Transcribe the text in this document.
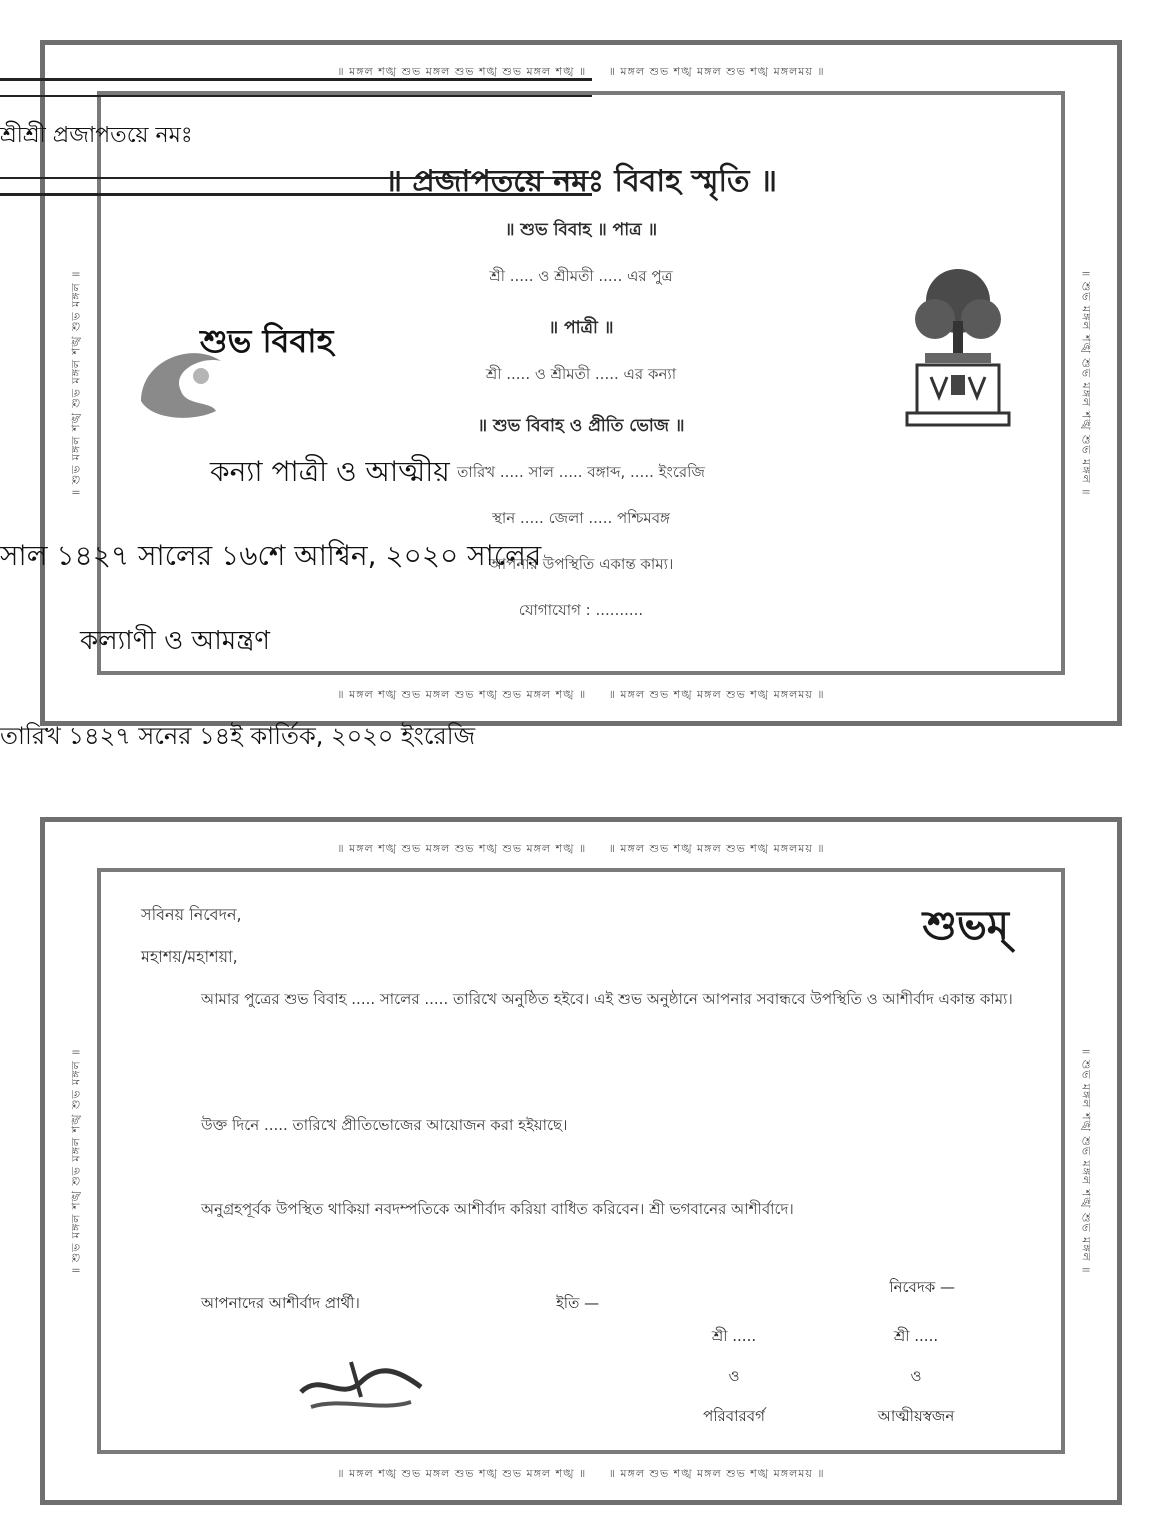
॥ মঙ্গল শঙ্খ শুভ মঙ্গল শুভ শঙ্খ শুভ মঙ্গল শঙ্খ ॥ ॥ মঙ্গল শুভ শঙ্খ মঙ্গল শুভ শঙ্খ মঙ্গলময় ॥
॥ মঙ্গল শঙ্খ শুভ মঙ্গল শুভ শঙ্খ শুভ মঙ্গল শঙ্খ ॥ ॥ মঙ্গল শুভ শঙ্খ মঙ্গল শুভ শঙ্খ মঙ্গলময় ॥
॥ শুভ মঙ্গল শঙ্খ শুভ মঙ্গল শঙ্খ শুভ মঙ্গল ॥	॥ শুভ মঙ্গল শঙ্খ শুভ মঙ্গল শঙ্খ শুভ মঙ্গল ॥
॥ প্রজাপতয়ে নমঃ বিবাহ স্মৃতি ॥
॥ শুভ বিবাহ ॥ পাত্র ॥
শ্রী ..... ও শ্রীমতী ..... এর পুত্র
॥ পাত্রী ॥
শ্রী ..... ও শ্রীমতী ..... এর কন্যা
॥ শুভ বিবাহ ও প্রীতি ভোজ ॥
তারিখ ..... সাল ..... বঙ্গাব্দ, ..... ইংরেজি
স্থান ..... জেলা ..... পশ্চিমবঙ্গ
আপনার উপস্থিতি একান্ত কাম্য।
যোগাযোগ : ..........
শ্রীশ্রী প্রজাপতয়ে নমঃ
শুভ বিবাহ
কন্যা পাত্রী ও আত্মীয়
সাল ১৪২৭ সালের ১৬শে আশ্বিন, ২০২০ সালের
কল্যাণী ও আমন্ত্রণ
তারিখ ১৪২৭ সনের ১৪ই কার্তিক, ২০২০ ইংরেজি
॥ মঙ্গল শঙ্খ শুভ মঙ্গল শুভ শঙ্খ শুভ মঙ্গল শঙ্খ ॥ ॥ মঙ্গল শুভ শঙ্খ মঙ্গল শুভ শঙ্খ মঙ্গলময় ॥
॥ মঙ্গল শঙ্খ শুভ মঙ্গল শুভ শঙ্খ শুভ মঙ্গল শঙ্খ ॥ ॥ মঙ্গল শুভ শঙ্খ মঙ্গল শুভ শঙ্খ মঙ্গলময় ॥
॥ শুভ মঙ্গল শঙ্খ শুভ মঙ্গল শঙ্খ শুভ মঙ্গল ॥	॥ শুভ মঙ্গল শঙ্খ শুভ মঙ্গল শঙ্খ শুভ মঙ্গল ॥
শুভম্
সবিনয় নিবেদন,
মহাশয়/মহাশয়া,
আমার পুত্রের শুভ বিবাহ ..... সালের ..... তারিখে অনুষ্ঠিত হইবে। এই শুভ অনুষ্ঠানে আপনার সবান্ধবে উপস্থিতি ও আশীর্বাদ একান্ত কাম্য।
উক্ত দিনে ..... তারিখে প্রীতিভোজের আয়োজন করা হইয়াছে।
অনুগ্রহপূর্বক উপস্থিত থাকিয়া নবদম্পতিকে আশীর্বাদ করিয়া বাধিত করিবেন। শ্রী ভগবানের আশীর্বাদে।
আপনাদের আশীর্বাদ প্রার্থী।	ইতি —
নিবেদক —
শ্রী .....
ও
পরিবারবর্গ
শ্রী .....
ও
আত্মীয়স্বজন
